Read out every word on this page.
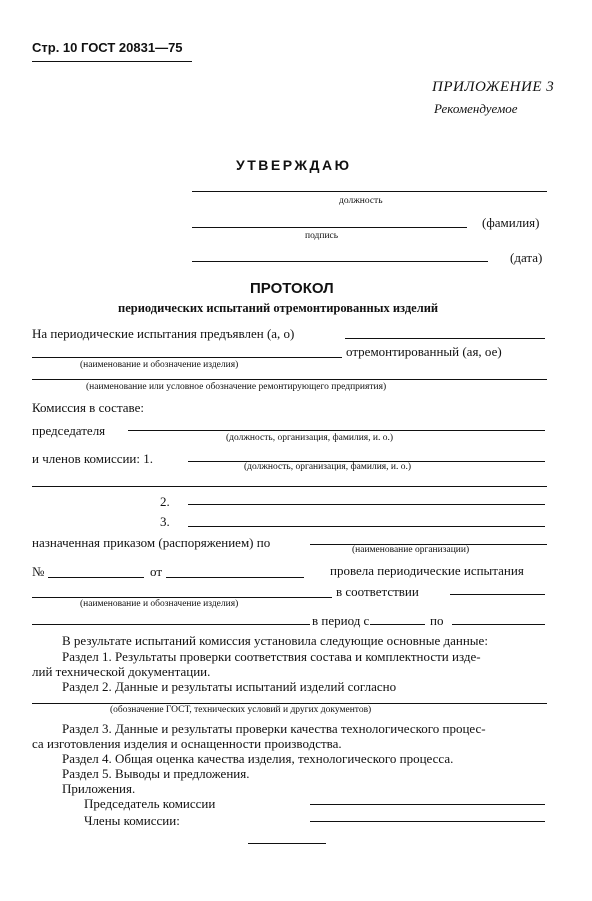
Стр. 10 ГОСТ 20831—75
ПРИЛОЖЕНИЕ 3
Рекомендуемое
УТВЕРЖДАЮ
должность
(фамилия)
подпись
(дата)
ПРОТОКОЛ
периодических испытаний отремонтированных изделий
На периодические испытания предъявлен (а, о)
отремонтированный (ая, ое)
(наименование и обозначение изделия)
(наименование или условное обозначение ремонтирующего предприятия)
Комиссия в составе:
председателя	(должность, организация, фамилия, и. о.)
и членов комиссии: 1.
(должность, организация, фамилия, и. о.)
2.
3.
назначенная приказом (распоряжением) по	(наименование организации)
№	от	провела периодические испытания
в соответствии
(наименование и обозначение изделия)
в период с	по
В результате испытаний комиссия установила следующие основные данные:
Раздел 1. Результаты проверки соответствия состава и комплектности изде-
лий технической документации.
Раздел 2. Данные и результаты испытаний изделий согласно
(обозначение ГОСТ, технических условий и других документов)
Раздел 3. Данные и результаты проверки качества технологического процес-
са изготовления изделия и оснащенности производства.
Раздел 4. Общая оценка качества изделия, технологического процесса.
Раздел 5. Выводы и предложения.
Приложения.
Председатель комиссии
Члены комиссии:
